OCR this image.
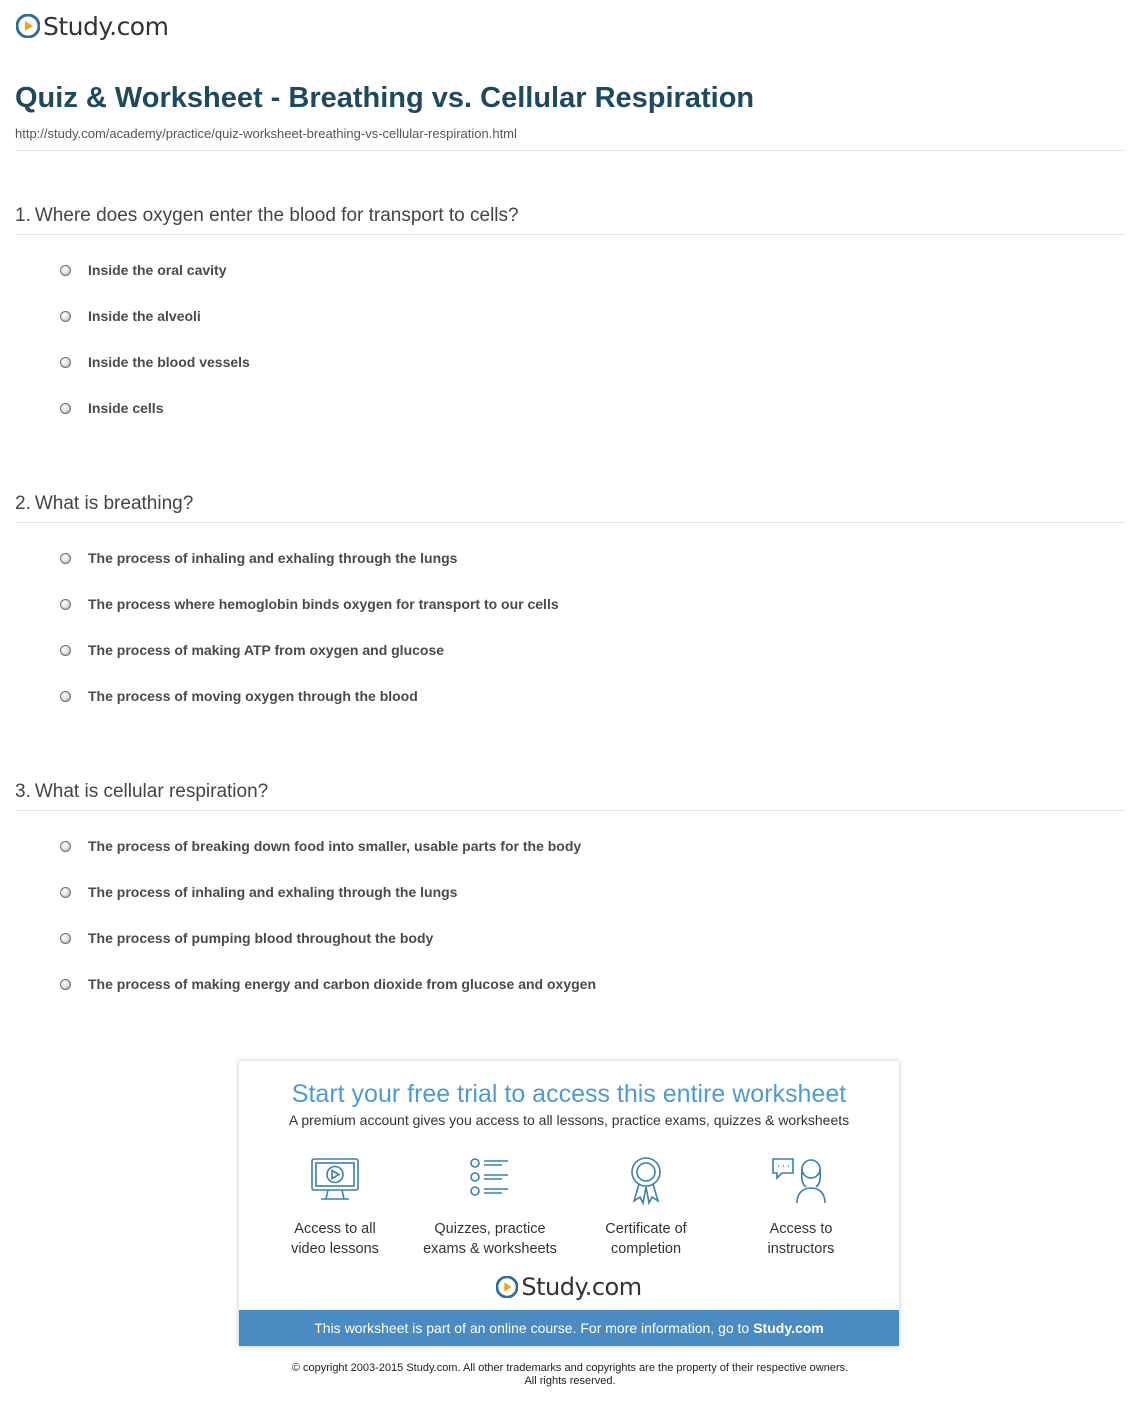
Study.com
Quiz & Worksheet - Breathing vs. Cellular Respiration
http://study.com/academy/practice/quiz-worksheet-breathing-vs-cellular-respiration.html
1. Where does oxygen enter the blood for transport to cells?
Inside the oral cavity
Inside the alveoli
Inside the blood vessels
Inside cells
2. What is breathing?
The process of inhaling and exhaling through the lungs
The process where hemoglobin binds oxygen for transport to our cells
The process of making ATP from oxygen and glucose
The process of moving oxygen through the blood
3. What is cellular respiration?
The process of breaking down food into smaller, usable parts for the body
The process of inhaling and exhaling through the lungs
The process of pumping blood throughout the body
The process of making energy and carbon dioxide from glucose and oxygen
Start your free trial to access this entire worksheet
A premium account gives you access to all lessons, practice exams, quizzes & worksheets
Access to all
video lessons
Quizzes, practice
exams & worksheets
Certificate of
completion
Access to
instructors
Study.com
This worksheet is part of an online course. For more information, go to Study.com
© copyright 2003-2015 Study.com. All other trademarks and copyrights are the property of their respective owners.
All rights reserved.
